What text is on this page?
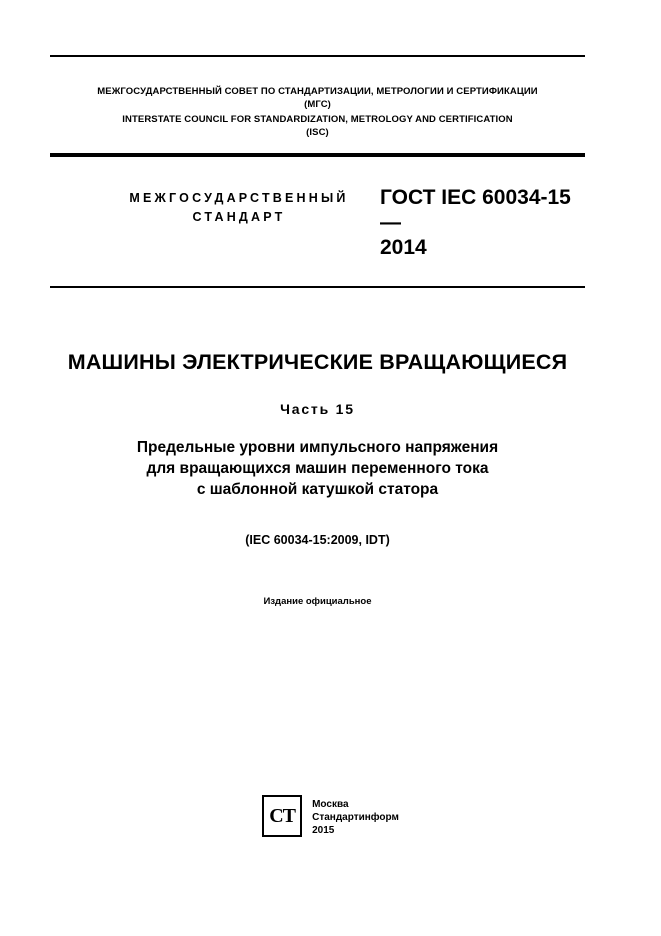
МЕЖГОСУДАРСТВЕННЫЙ СОВЕТ ПО СТАНДАРТИЗАЦИИ, МЕТРОЛОГИИ И СЕРТИФИКАЦИИ
(МГС)
INTERSTATE COUNCIL FOR STANDARDIZATION, METROLOGY AND CERTIFICATION
(ISC)
МЕЖГОСУДАРСТВЕННЫЙ
СТАНДАРТ
ГОСТ IEC 60034-15—
2014
МАШИНЫ ЭЛЕКТРИЧЕСКИЕ ВРАЩАЮЩИЕСЯ
Часть 15
Предельные уровни импульсного напряжения
для вращающихся машин переменного тока
с шаблонной катушкой статора
(IEC 60034-15:2009, IDT)
Издание официальное
СТ
Москва
Стандартинформ
2015
